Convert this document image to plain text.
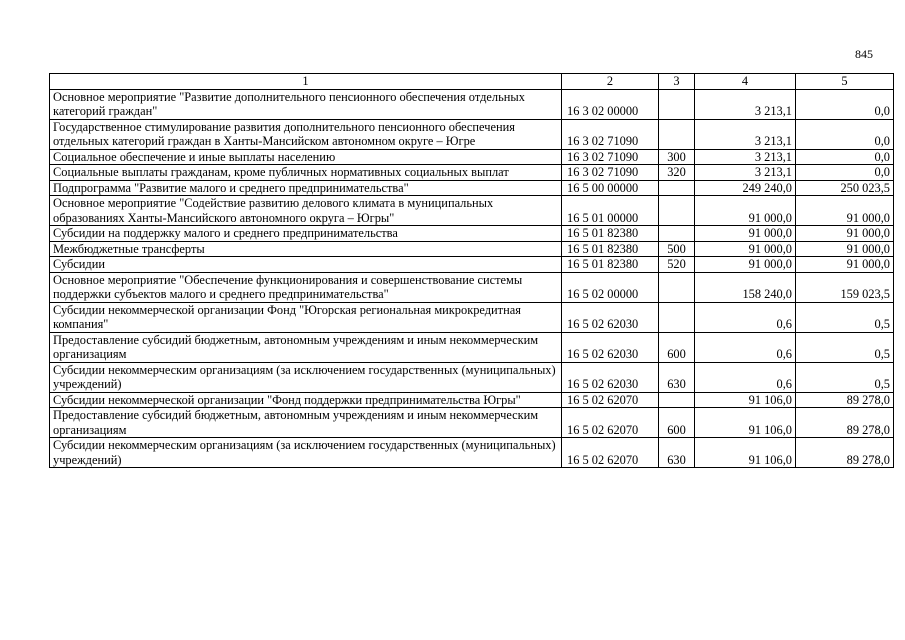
845
1	2	3	4	5
Основное мероприятие "Развитие дополнительного пенсионного обеспечения отдельных категорий граждан"	16 3 02 00000		3 213,1	0,0
Государственное стимулирование развития дополнительного пенсионного обеспечения отдельных категорий граждан в Ханты-Мансийском автономном округе – Югре	16 3 02 71090		3 213,1	0,0
Социальное обеспечение и иные выплаты населению	16 3 02 71090	300	3 213,1	0,0
Социальные выплаты гражданам, кроме публичных нормативных социальных выплат	16 3 02 71090	320	3 213,1	0,0
Подпрограмма "Развитие малого и среднего предпринимательства"	16 5 00 00000		249 240,0	250 023,5
Основное мероприятие "Содействие развитию делового климата в муниципальных образованиях Ханты-Мансийского автономного округа – Югры"	16 5 01 00000		91 000,0	91 000,0
Субсидии на поддержку малого и среднего предпринимательства	16 5 01 82380		91 000,0	91 000,0
Межбюджетные трансферты	16 5 01 82380	500	91 000,0	91 000,0
Субсидии	16 5 01 82380	520	91 000,0	91 000,0
Основное мероприятие "Обеспечение функционирования и совершенствование системы поддержки субъектов малого и среднего предпринимательства"	16 5 02 00000		158 240,0	159 023,5
Субсидии некоммерческой организации Фонд "Югорская региональная микрокредитная компания"	16 5 02 62030		0,6	0,5
Предоставление субсидий бюджетным, автономным учреждениям и иным некоммерческим организациям	16 5 02 62030	600	0,6	0,5
Субсидии некоммерческим организациям (за исключением государственных (муниципальных) учреждений)	16 5 02 62030	630	0,6	0,5
Субсидии некоммерческой организации "Фонд поддержки предпринимательства Югры"	16 5 02 62070		91 106,0	89 278,0
Предоставление субсидий бюджетным, автономным учреждениям и иным некоммерческим организациям	16 5 02 62070	600	91 106,0	89 278,0
Субсидии некоммерческим организациям (за исключением государственных (муниципальных) учреждений)	16 5 02 62070	630	91 106,0	89 278,0
